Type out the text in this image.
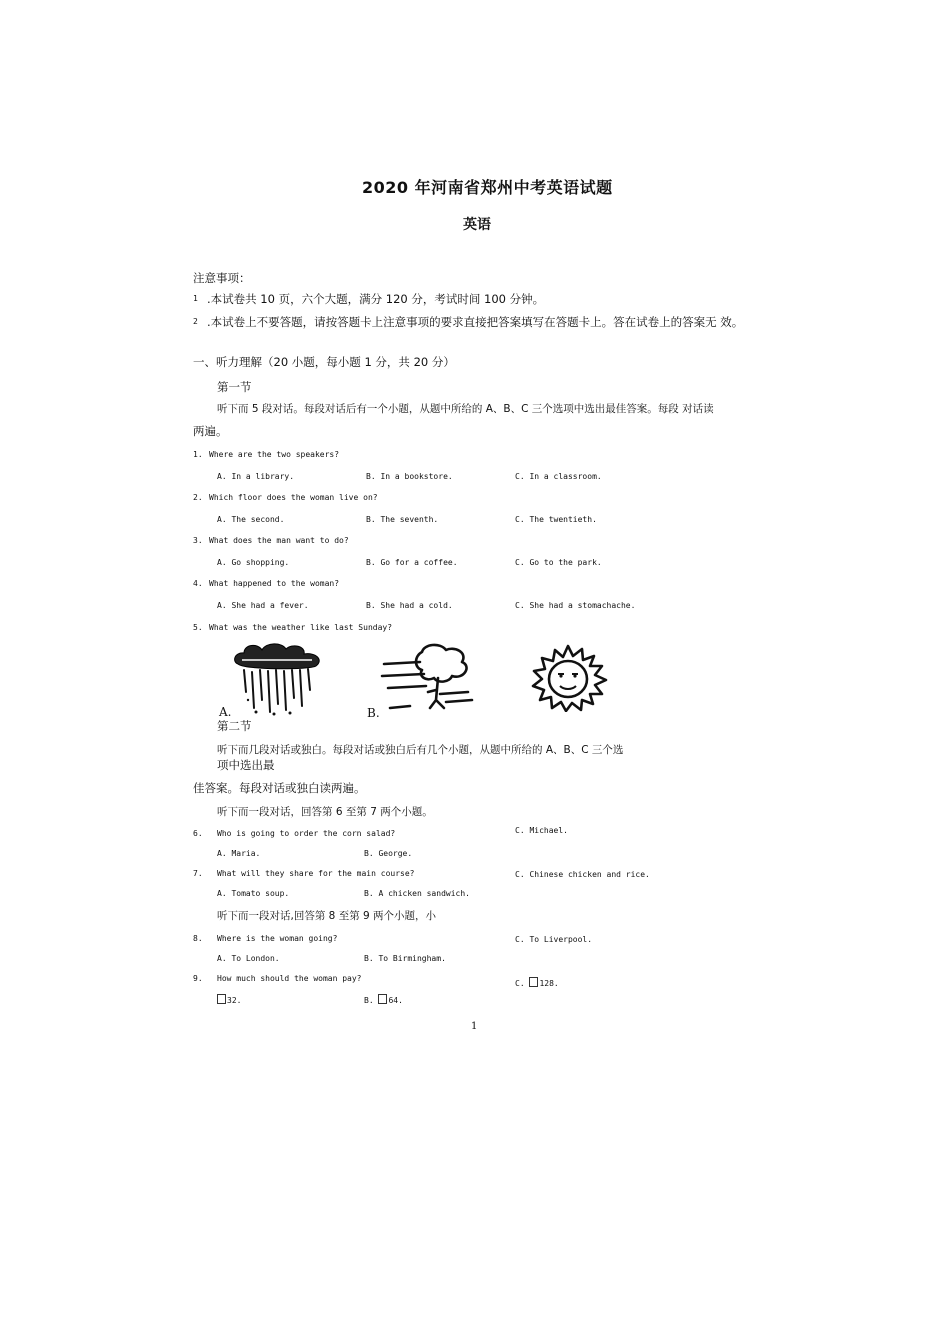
2020 年河南省郑州中考英语试题
英语
注意事项：
1 .本试卷共 10 页，六个大题，满分 120 分，考试时间 100 分钟。
2 .本试卷上不要答题，请按答题卡上注意事项的要求直接把答案填写在答题卡上。答在试卷上的答案无 效。
一、听力理解（20 小题，每小题 1 分，共 20 分）
第一节
听下而 5 段对话。每段对话后有一个小题，从题中所给的 A、B、C 三个选项中选出最佳答案。每段 对话读
两遍。
1. Where are the two speakers?
A. In a library.	B. In a bookstore.	C. In a classroom.
2. Which floor does the woman live on?
A. The second.	B. The seventh.	C. The twentieth.
3. What does the man want to do?
A. Go shopping.	B. Go for a coffee.	C. Go to the park.
4. What happened to the woman?
A. She had a fever.	B. She had a cold.	C. She had a stomachache.
5. What was the weather like last Sunday?
A.	B.
第二节
听下而几段对话或独白。每段对话或独白后有几个小题，从题中所给的 A、B、C 三个选
项中选出最
佳答案。每段对话或独白读两遍。
听下而一段对话，回答第 6 至第 7 两个小题。
6. Who is going to order the corn salad?	C. Michael.
A. Maria.	B. George.
7. What will they share for the main course?	C. Chinese chicken and rice.
A. Tomato soup.	B. A chicken sandwich.
听下而一段对话,回答第 8 至第 9 两个小题，小
8. Where is the woman going?	C. To Liverpool.
A. To London.	B. To Birmingham.
9. How much should the woman pay?
C. 128.
32.	B. 64.
1
